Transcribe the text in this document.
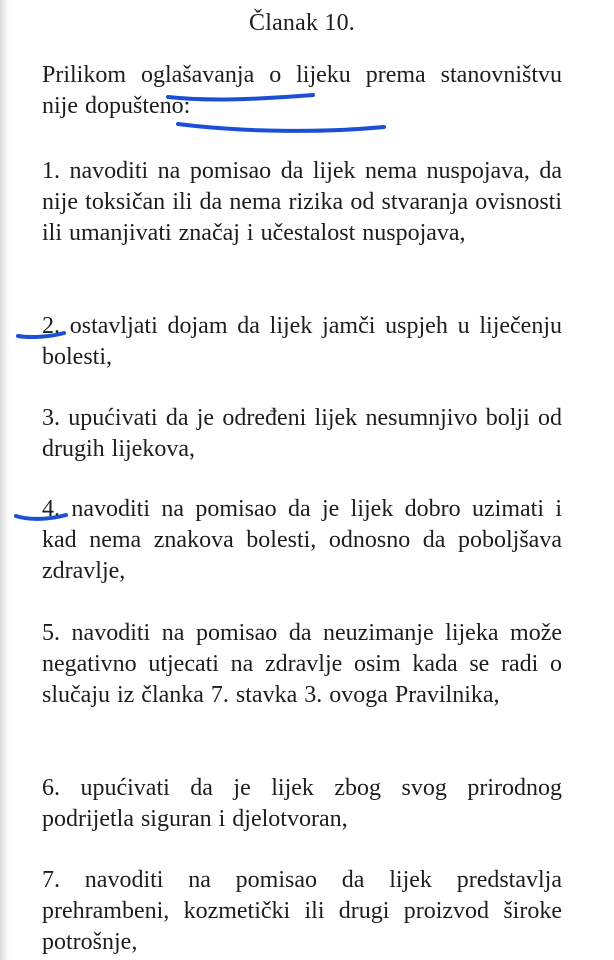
Članak 10.
Prilikom oglašavanja o lijeku prema stanovništvu nije dopušteno:
1. navoditi na pomisao da lijek nema nuspojava, da nije toksičan ili da nema rizika od stvaranja ovisnosti ili umanjivati značaj i učestalost nuspojava,
2. ostavljati dojam da lijek jamči uspjeh u liječenju bolesti,
3. upućivati da je određeni lijek nesumnjivo bolji od drugih lijekova,
4. navoditi na pomisao da je lijek dobro uzimati i kad nema znakova bolesti, odnosno da poboljšava zdravlje,
5. navoditi na pomisao da neuzimanje lijeka može negativno utjecati na zdravlje osim kada se radi o slučaju iz članka 7. stavka 3. ovoga Pravilnika,
6. upućivati da je lijek zbog svog prirodnog podrijetla siguran i djelotvoran,
7. navoditi na pomisao da lijek predstavlja prehrambeni, kozmetički ili drugi proizvod široke potrošnje,
